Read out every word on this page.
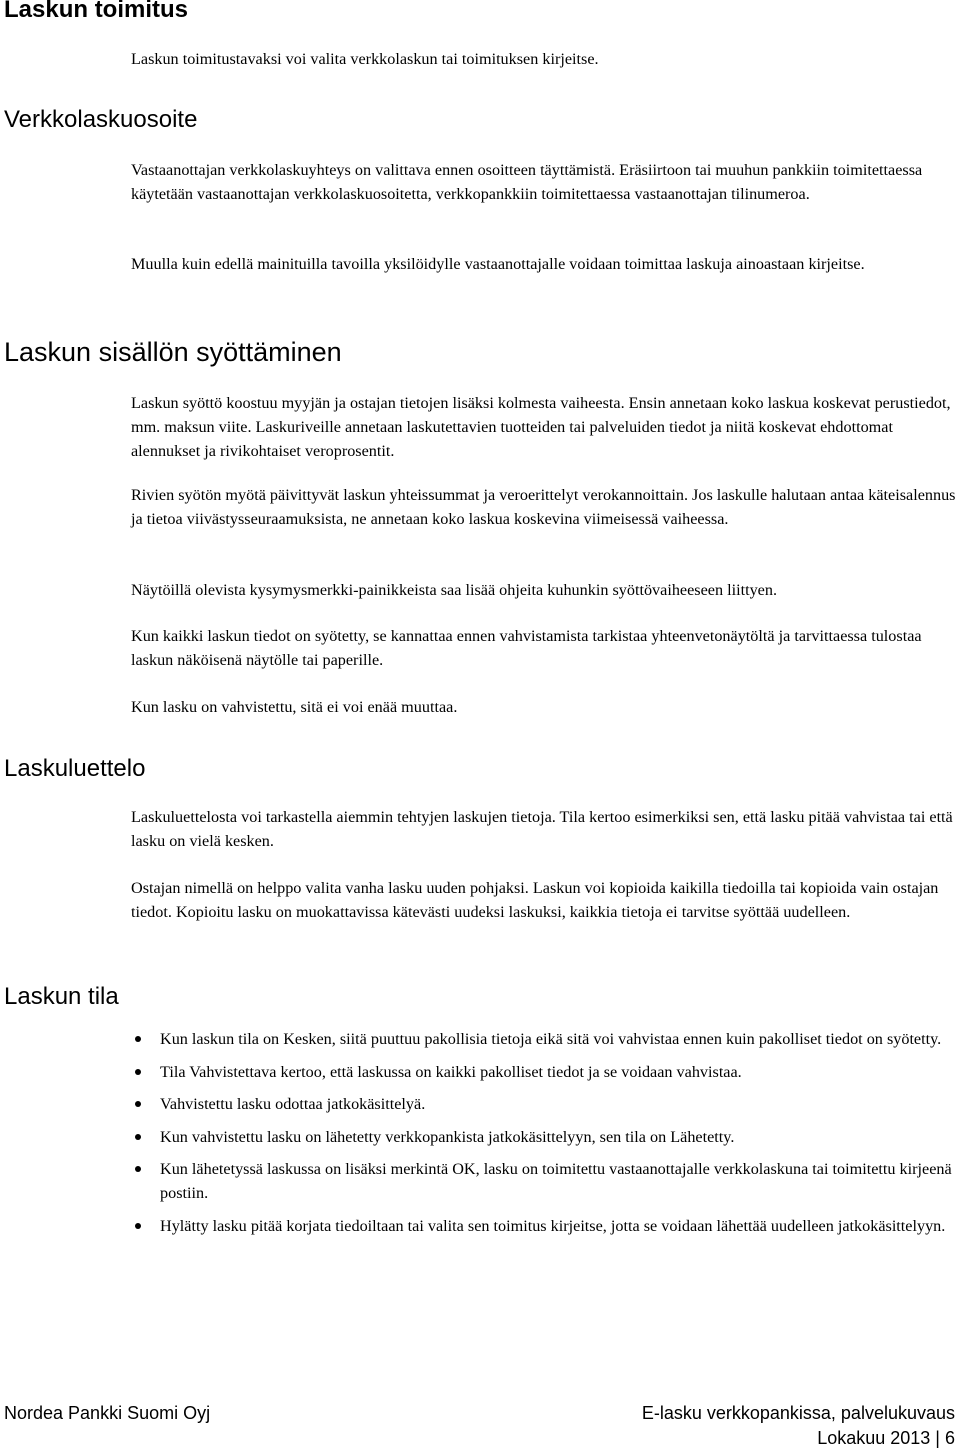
Laskun toimitus

Laskun toimitustavaksi voi valita verkkolaskun tai toimituksen kirjeitse.

Verkkolaskuosoite

Vastaanottajan verkkolaskuyhteys on valittava ennen osoitteen täyttämistä. Eräsiirtoon tai muuhun pankkiin toimitettaessa käytetään vastaanottajan verkkolaskuosoitetta, verkkopankkiin toimitettaessa vastaanottajan tilinumeroa.

Muulla kuin edellä mainituilla tavoilla yksilöidylle vastaanottajalle voidaan toimittaa laskuja ainoastaan kirjeitse.

Laskun sisällön syöttäminen

Laskun syöttö koostuu myyjän ja ostajan tietojen lisäksi kolmesta vaiheesta. Ensin annetaan koko laskua koskevat perustiedot, mm. maksun viite. Laskuriveille annetaan laskutettavien tuotteiden tai palveluiden tiedot ja niitä koskevat ehdottomat alennukset ja rivikohtaiset veroprosentit.

Rivien syötön myötä päivittyvät laskun yhteissummat ja veroerittelyt verokannoittain. Jos laskulle halutaan antaa käteisalennus ja tietoa viivästysseuraamuksista, ne annetaan koko laskua koskevina viimeisessä vaiheessa.

Näytöillä olevista kysymysmerkki-painikkeista saa lisää ohjeita kuhunkin syöttövaiheeseen liittyen.

Kun kaikki laskun tiedot on syötetty, se kannattaa ennen vahvistamista tarkistaa yhteenvetonäytöltä ja tarvittaessa tulostaa laskun näköisenä näytölle tai paperille.

Kun lasku on vahvistettu, sitä ei voi enää muuttaa.

Laskuluettelo

Laskuluettelosta voi tarkastella aiemmin tehtyjen laskujen tietoja. Tila kertoo esimerkiksi sen, että lasku pitää vahvistaa tai että lasku on vielä kesken.

Ostajan nimellä on helppo valita vanha lasku uuden pohjaksi. Laskun voi kopioida kaikilla tiedoilla tai kopioida vain ostajan tiedot. Kopioitu lasku on muokattavissa kätevästi uudeksi laskuksi, kaikkia tietoja ei tarvitse syöttää uudelleen.

Laskun tila
Kun laskun tila on Kesken, siitä puuttuu pakollisia tietoja eikä sitä voi vahvistaa ennen kuin pakolliset tiedot on syötetty.
Tila Vahvistettava kertoo, että laskussa on kaikki pakolliset tiedot ja se voidaan vahvistaa.
Vahvistettu lasku odottaa jatkokäsittelyä.
Kun vahvistettu lasku on lähetetty verkkopankista jatkokäsittelyyn, sen tila on Lähetetty.
Kun lähetetyssä laskussa on lisäksi merkintä OK, lasku on toimitettu vastaanottajalle verkkolaskuna tai toimitettu kirjeenä postiin.
Hylätty lasku pitää korjata tiedoiltaan tai valita sen toimitus kirjeitse, jotta se voidaan lähettää uudelleen jatkokäsittelyyn.
Nordea Pankki Suomi Oyj	E-lasku verkkopankissa, palvelukuvaus
Lokakuu 2013 | 6
